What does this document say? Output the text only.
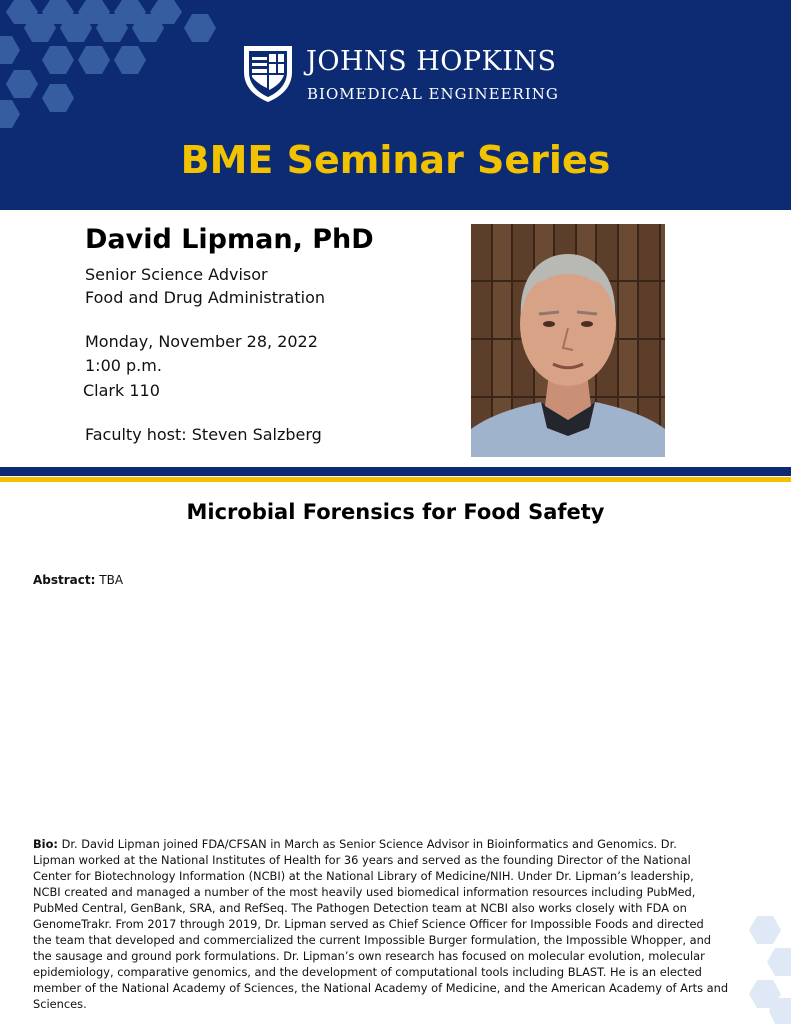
JOHNS HOPKINS
BIOMEDICAL ENGINEERING
BME Seminar Series
David Lipman, PhD
Senior Science Advisor
Food and Drug Administration
Monday, November 28, 2022
1:00 p.m.
Clark 110
Faculty host: Steven Salzberg
Microbial Forensics for Food Safety
Abstract: TBA
Bio: Dr. David Lipman joined FDA/CFSAN in March as Senior Science Advisor in Bioinformatics and Genomics. Dr.
Lipman worked at the National Institutes of Health for 36 years and served as the founding Director of the National
Center for Biotechnology Information (NCBI) at the National Library of Medicine/NIH. Under Dr. Lipman’s leadership,
NCBI created and managed a number of the most heavily used biomedical information resources including PubMed,
PubMed Central, GenBank, SRA, and RefSeq. The Pathogen Detection team at NCBI also works closely with FDA on
GenomeTrakr. From 2017 through 2019, Dr. Lipman served as Chief Science Officer for Impossible Foods and directed
the team that developed and commercialized the current Impossible Burger formulation, the Impossible Whopper, and
the sausage and ground pork formulations. Dr. Lipman’s own research has focused on molecular evolution, molecular
epidemiology, comparative genomics, and the development of computational tools including BLAST. He is an elected
member of the National Academy of Sciences, the National Academy of Medicine, and the American Academy of Arts and
Sciences.
